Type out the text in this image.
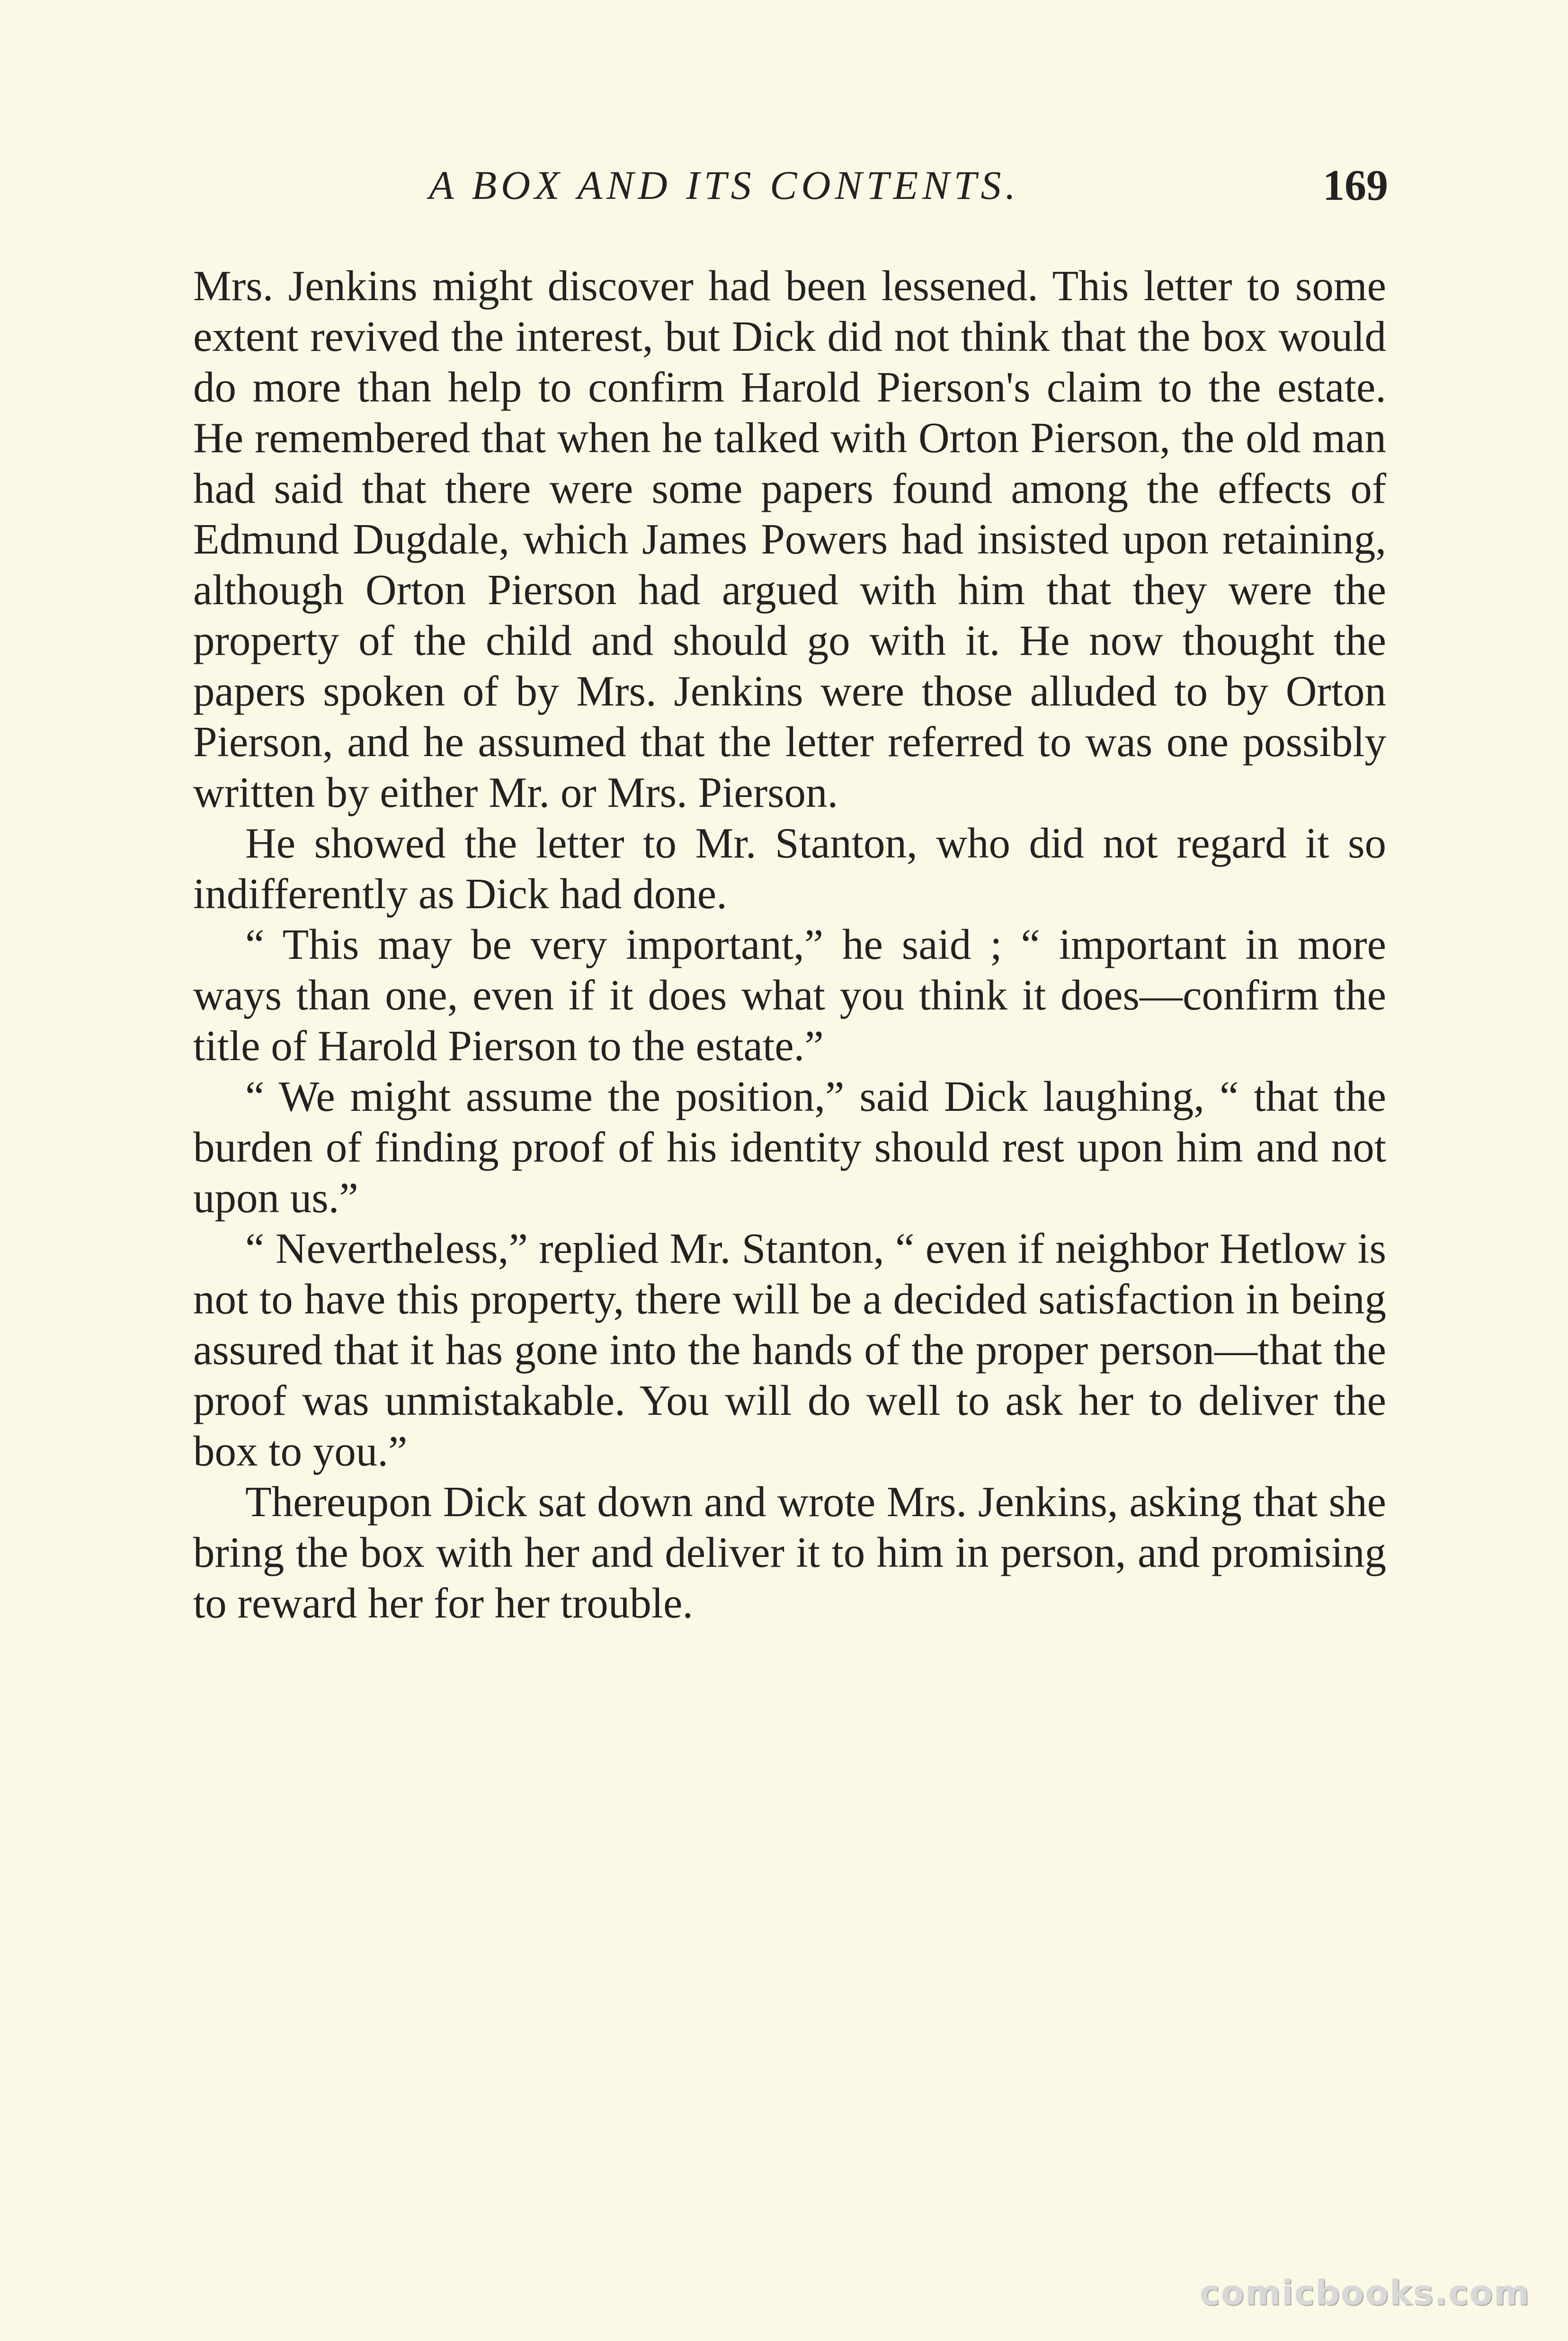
A BOX AND ITS CONTENTS.	169

Mrs. Jenkins might discover had been lessened. This letter to some extent revived the interest, but Dick did not think that the box would do more than help to confirm Harold Pierson's claim to the estate. He remembered that when he talked with Orton Pierson, the old man had said that there were some papers found among the effects of Edmund Dugdale, which James Powers had insisted upon retaining, although Orton Pierson had argued with him that they were the property of the child and should go with it. He now thought the papers spoken of by Mrs. Jenkins were those alluded to by Orton Pierson, and he assumed that the letter referred to was one possibly written by either Mr. or Mrs. Pierson.

He showed the letter to Mr. Stanton, who did not regard it so indifferently as Dick had done.

“ This may be very important,” he said ; “ important in more ways than one, even if it does what you think it does—confirm the title of Harold Pierson to the estate.”

“ We might assume the position,” said Dick laughing, “ that the burden of finding proof of his identity should rest upon him and not upon us.”

“ Nevertheless,” replied Mr. Stanton, “ even if neighbor Hetlow is not to have this property, there will be a decided satisfaction in being assured that it has gone into the hands of the proper person—that the proof was unmistakable. You will do well to ask her to deliver the box to you.”

Thereupon Dick sat down and wrote Mrs. Jenkins, asking that she bring the box with her and deliver it to him in person, and promising to reward her for her trouble.

comicbooks.com
